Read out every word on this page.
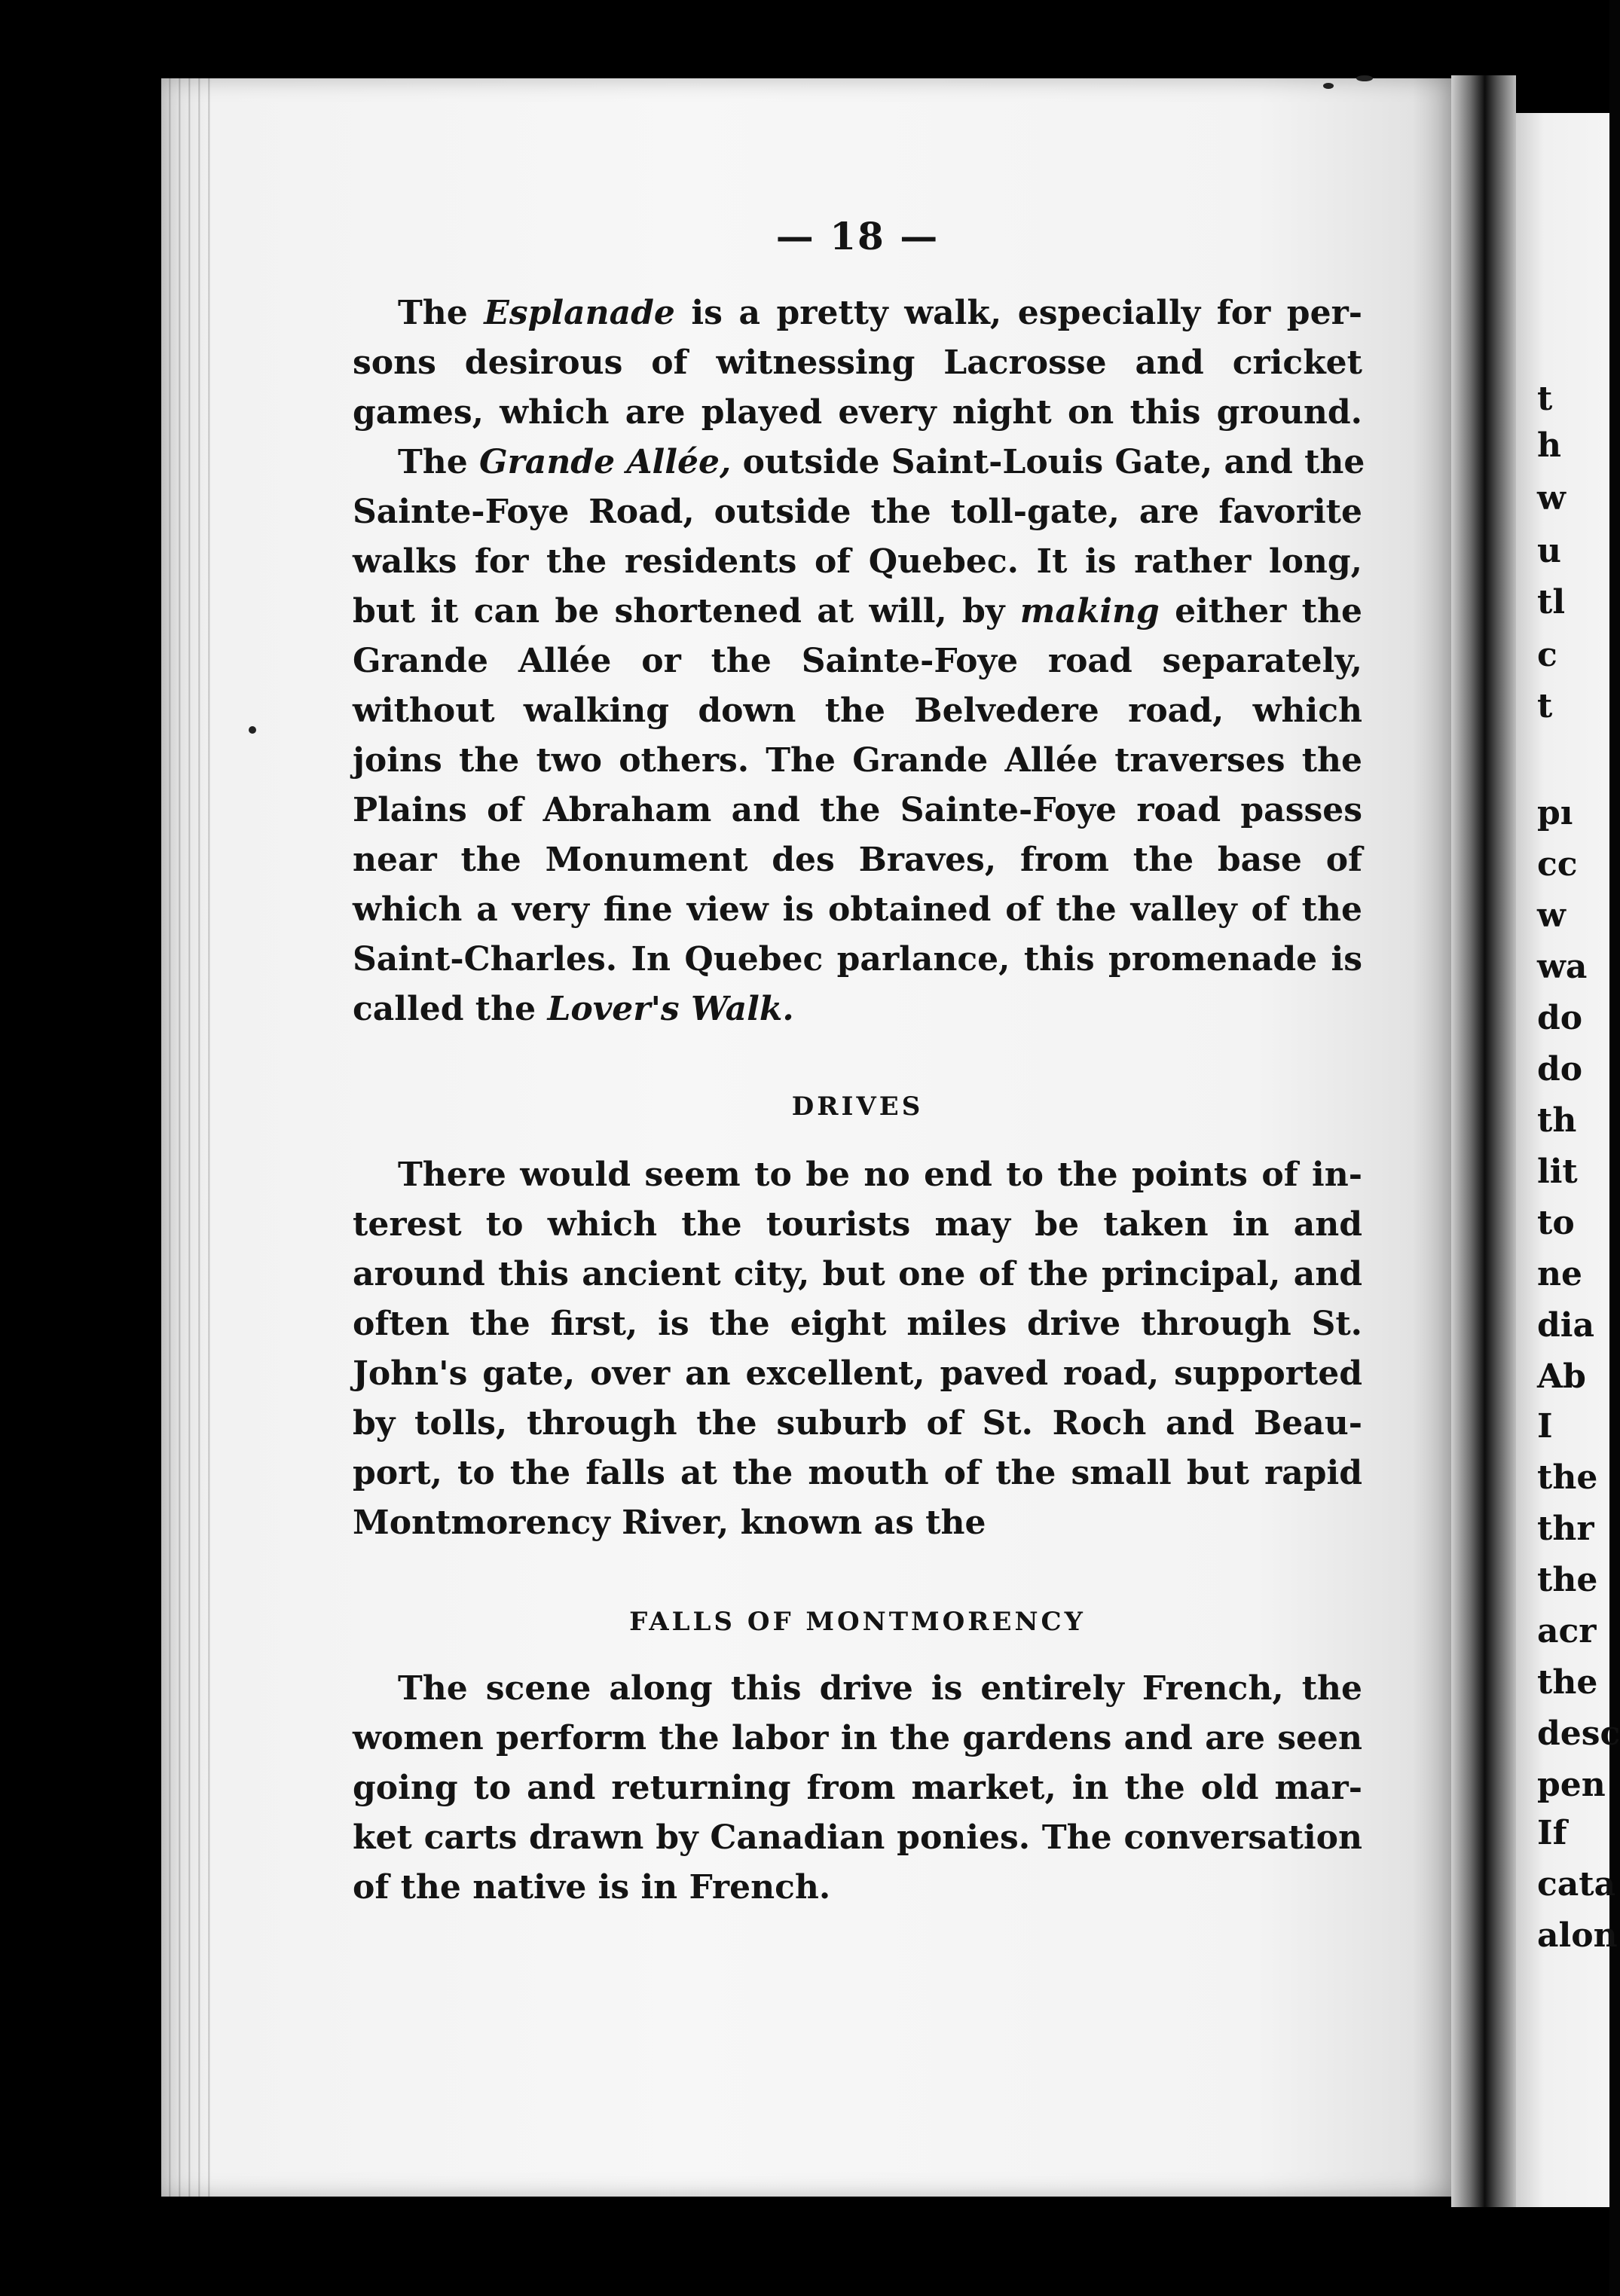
t
h
w
u
tl
c
t
pı
cc
w
wa
do
do
th
lit
to
ne
dia
Ab
I
the
thr
the
acr
the
desc
pen
If
cata
alon
— 18 —
The Esplanade is a pretty walk, especially for per-
sons desirous of witnessing Lacrosse and cricket
games, which are played every night on this ground.
The Grande Allée, outside Saint-Louis Gate, and the
Sainte-Foye Road, outside the toll-gate, are favorite
walks for the residents of Quebec. It is rather long,
but it can be shortened at will, by making either the
Grande Allée or the Sainte-Foye road separately,
without walking down the Belvedere road, which
joins the two others. The Grande Allée traverses the
Plains of Abraham and the Sainte-Foye road passes
near the Monument des Braves, from the base of
which a very fine view is obtained of the valley of the
Saint-Charles. In Quebec parlance, this promenade is
called the Lover's Walk.
DRIVES
There would seem to be no end to the points of in-
terest to which the tourists may be taken in and
around this ancient city, but one of the principal, and
often the first, is the eight miles drive through St.
John's gate, over an excellent, paved road, supported
by tolls, through the suburb of St. Roch and Beau-
port, to the falls at the mouth of the small but rapid
Montmorency River, known as the
FALLS OF MONTMORENCY
The scene along this drive is entirely French, the
women perform the labor in the gardens and are seen
going to and returning from market, in the old mar-
ket carts drawn by Canadian ponies. The conversation
of the native is in French.
